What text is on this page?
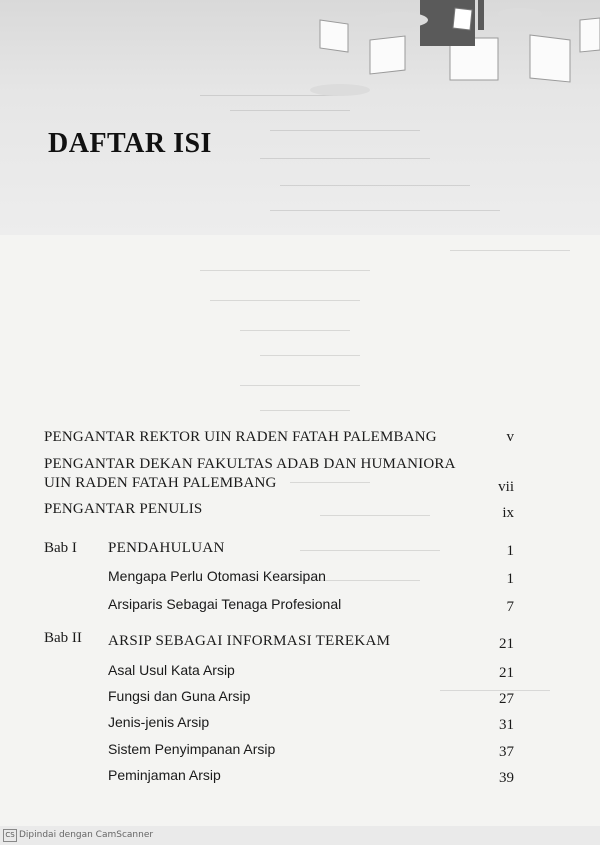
DAFTAR ISI
PENGANTAR REKTOR UIN RADEN FATAH PALEMBANG	v
PENGANTAR DEKAN FAKULTAS ADAB DAN HUMANIORA
UIN RADEN FATAH PALEMBANG	vii
PENGANTAR PENULIS	ix
Bab I PENDAHULUAN	1
Mengapa Perlu Otomasi Kearsipan	1
Arsiparis Sebagai Tenaga Profesional	7
Bab II ARSIP SEBAGAI INFORMASI TEREKAM	21
Asal Usul Kata Arsip	21
Fungsi dan Guna Arsip	27
Jenis-jenis Arsip	31
Sistem Penyimpanan Arsip	37
Peminjaman Arsip	39
CS Dipindai dengan CamScanner
